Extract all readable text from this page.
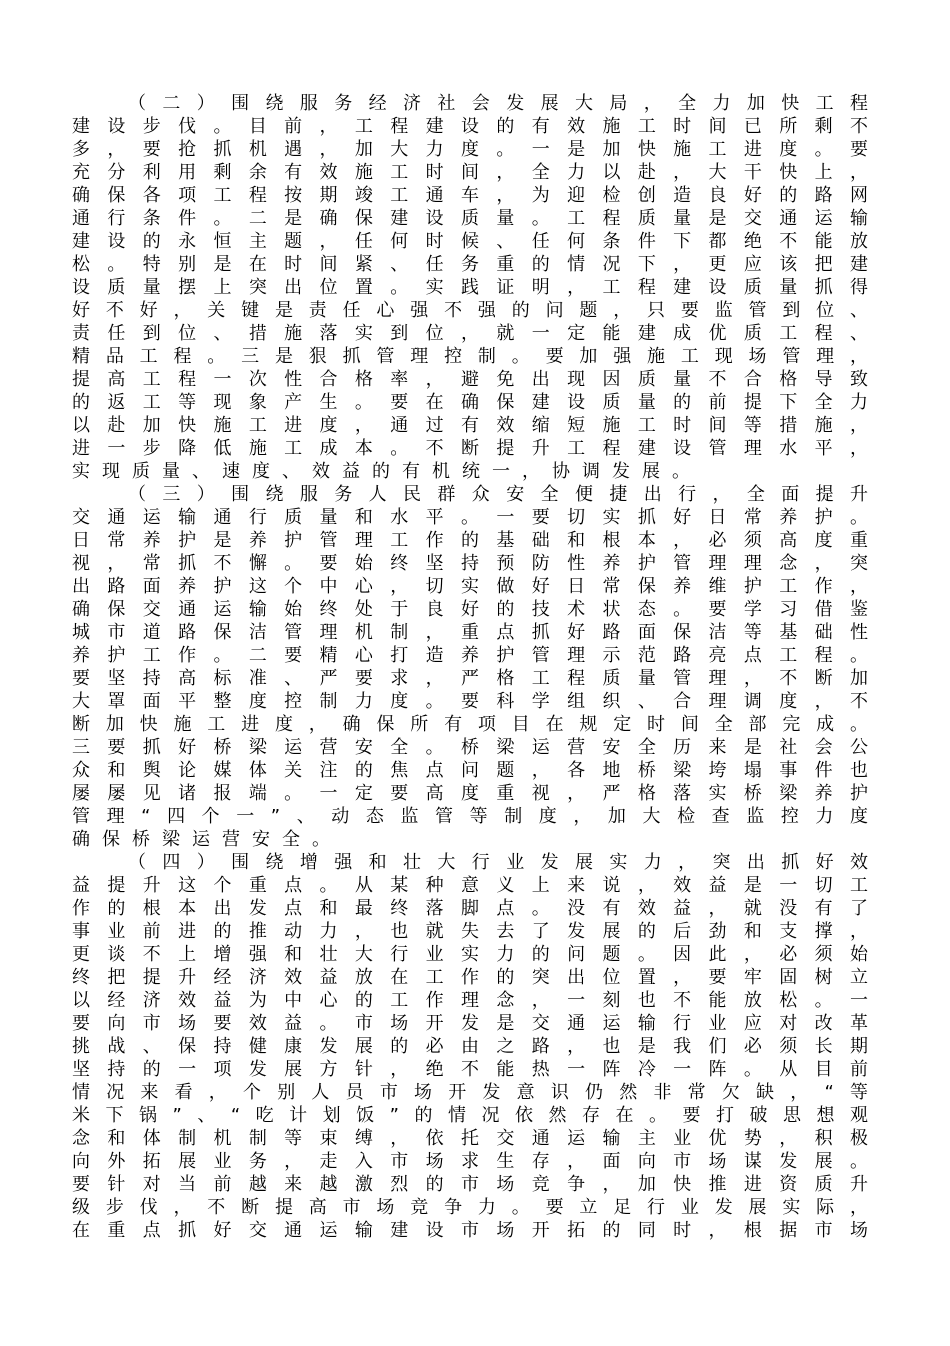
（二）围绕服务经济社会发展大局，全力加快工程
建设步伐。目前，工程建设的有效施工时间已所剩不
多，要抢抓机遇，加大力度。一是加快施工进度。要
充分利用剩余有效施工时间，全力以赴，大干快上，
确保各项工程按期竣工通车，为迎检创造良好的路网
通行条件。二是确保建设质量。工程质量是交通运输
建设的永恒主题，任何时候、任何条件下都绝不能放
松。特别是在时间紧、任务重的情况下，更应该把建
设质量摆上突出位置。实践证明，工程建设质量抓得
好不好，关键是责任心强不强的问题，只要监管到位、
责任到位、措施落实到位，就一定能建成优质工程、
精品工程。三是狠抓管理控制。要加强施工现场管理，
提高工程一次性合格率，避免出现因质量不合格导致
的返工等现象产生。要在确保建设质量的前提下全力
以赴加快施工进度，通过有效缩短施工时间等措施，
进一步降低施工成本。不断提升工程建设管理水平，
实现质量、速度、效益的有机统一，协调发展。
（三）围绕服务人民群众安全便捷出行，全面提升
交通运输通行质量和水平。一要切实抓好日常养护。
日常养护是养护管理工作的基础和根本，必须高度重
视，常抓不懈。要始终坚持预防性养护管理理念，突
出路面养护这个中心，切实做好日常保养维护工作，
确保交通运输始终处于良好的技术状态。要学习借鉴
城市道路保洁管理机制，重点抓好路面保洁等基础性
养护工作。二要精心打造养护管理示范路亮点工程。
要坚持高标准、严要求，严格工程质量管理，不断加
大罩面平整度控制力度。要科学组织、合理调度，不
断加快施工进度，确保所有项目在规定时间全部完成。
三要抓好桥梁运营安全。桥梁运营安全历来是社会公
众和舆论媒体关注的焦点问题，各地桥梁垮塌事件也
屡屡见诸报端。一定要高度重视，严格落实桥梁养护
管理“四个一”、动态监管等制度，加大检查监控力度
确保桥梁运营安全。
（四）围绕增强和壮大行业发展实力，突出抓好效
益提升这个重点。从某种意义上来说，效益是一切工
作的根本出发点和最终落脚点。没有效益，就没有了
事业前进的推动力，也就失去了发展的后劲和支撑，
更谈不上增强和壮大行业实力的问题。因此，必须始
终把提升经济效益放在工作的突出位置，要牢固树立
以经济效益为中心的工作理念，一刻也不能放松。一
要向市场要效益。市场开发是交通运输行业应对改革
挑战、保持健康发展的必由之路，也是我们必须长期
坚持的一项发展方针，绝不能热一阵冷一阵。从目前
情况来看，个别人员市场开发意识仍然非常欠缺，“等
米下锅”、“吃计划饭”的情况依然存在。要打破思想观
念和体制机制等束缚，依托交通运输主业优势，积极
向外拓展业务，走入市场求生存，面向市场谋发展。
要针对当前越来越激烈的市场竞争，加快推进资质升
级步伐，不断提高市场竞争力。要立足行业发展实际，
在重点抓好交通运输建设市场开拓的同时，根据市场
